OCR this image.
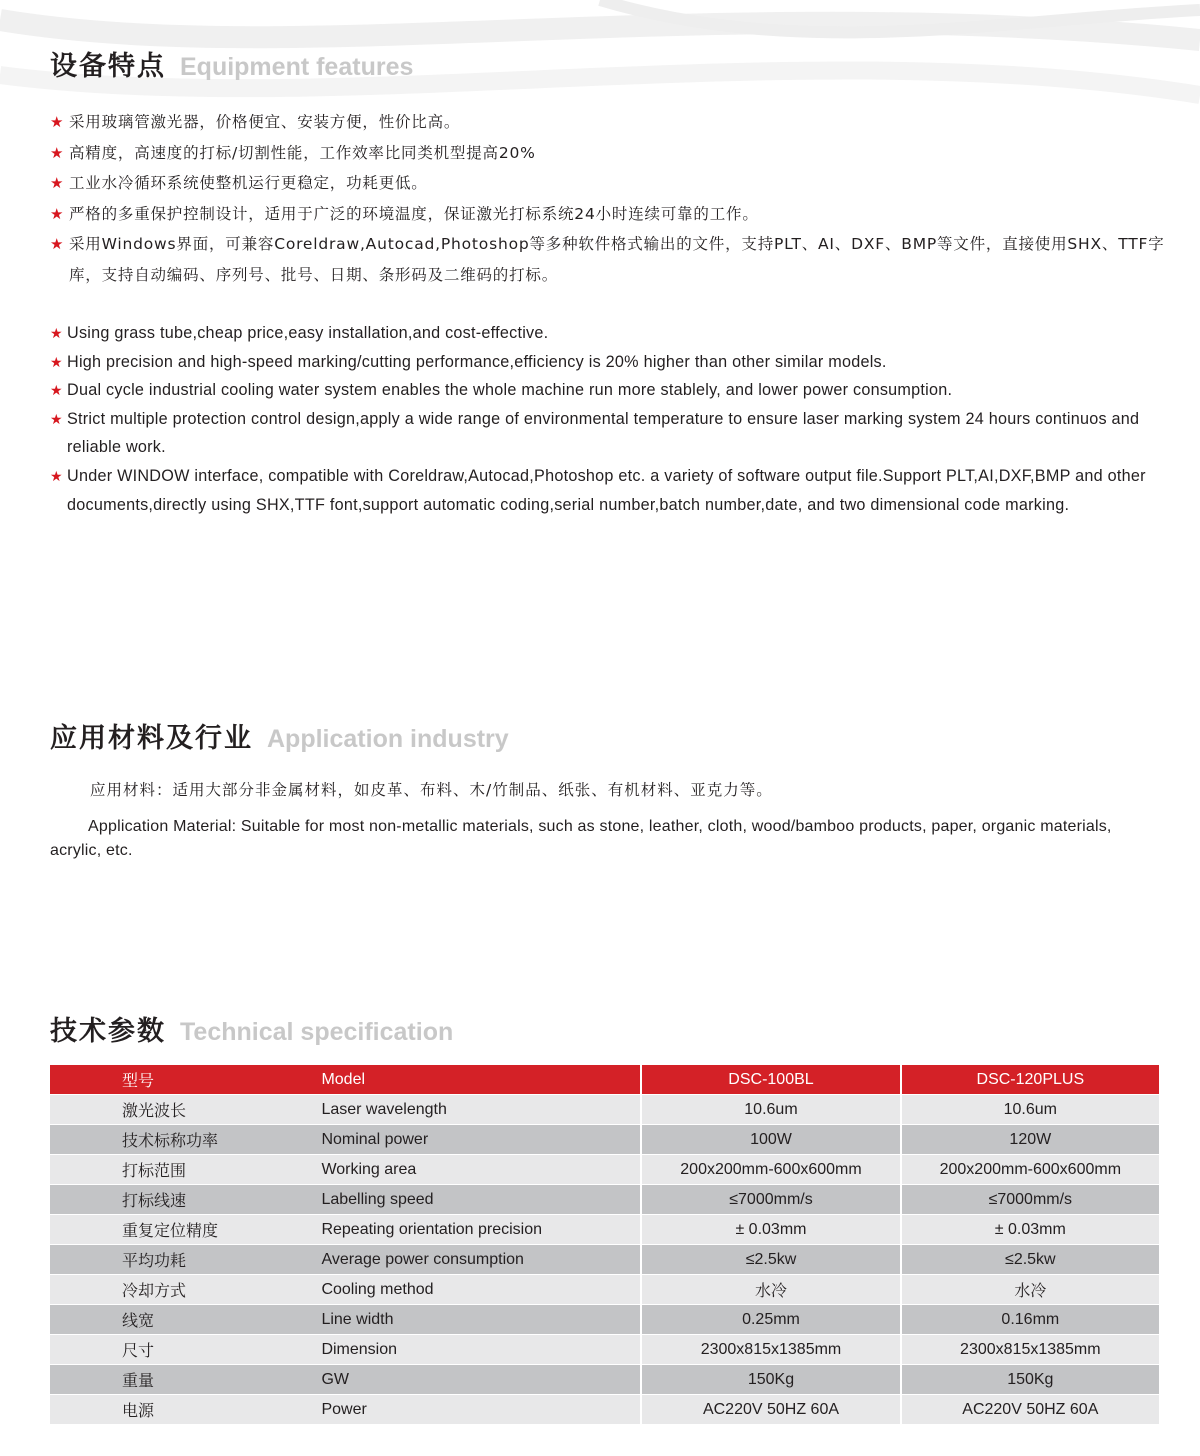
设备特点 Equipment features
★ 采用玻璃管激光器，价格便宜、安装方便，性价比高。
★ 高精度，高速度的打标/切割性能，工作效率比同类机型提高20%
★ 工业水冷循环系统使整机运行更稳定，功耗更低。
★ 严格的多重保护控制设计，适用于广泛的环境温度，保证激光打标系统24小时连续可靠的工作。
★ 采用Windows界面，可兼容Coreldraw,Autocad,Photoshop等多种软件格式输出的文件，支持PLT、AI、DXF、BMP等文件，直接使用SHX、TTF字库，支持自动编码、序列号、批号、日期、条形码及二维码的打标。
★ Using grass tube,cheap price,easy installation,and cost-effective.
★ High precision and high-speed marking/cutting performance,efficiency is 20% higher than other similar models.
★ Dual cycle industrial cooling water system enables the whole machine run more stablely, and lower power consumption.
★ Strict multiple protection control design,apply a wide range of environmental temperature to ensure laser marking system 24 hours continuos and reliable work.
★ Under WINDOW interface, compatible with Coreldraw,Autocad,Photoshop etc. a variety of software output file.Support PLT,AI,DXF,BMP and other documents,directly using SHX,TTF font,support automatic coding,serial number,batch number,date, and two dimensional code marking.
应用材料及行业 Application industry
应用材料：适用大部分非金属材料，如皮革、布料、木/竹制品、纸张、有机材料、亚克力等。
Application Material: Suitable for most non-metallic materials, such as stone, leather, cloth, wood/bamboo products, paper, organic materials, acrylic, etc.
技术参数 Technical specification
型号	Model	DSC-100BL	DSC-120PLUS
激光波长	Laser wavelength	10.6um	10.6um
技术标称功率	Nominal power	100W	120W
打标范围	Working area	200x200mm-600x600mm	200x200mm-600x600mm
打标线速	Labelling speed	≤7000mm/s	≤7000mm/s
重复定位精度	Repeating orientation precision	± 0.03mm	± 0.03mm
平均功耗	Average power consumption	≤2.5kw	≤2.5kw
冷却方式	Cooling method	水冷	水冷
线宽	Line width	0.25mm	0.16mm
尺寸	Dimension	2300x815x1385mm	2300x815x1385mm
重量	GW	150Kg	150Kg
电源	Power	AC220V 50HZ 60A	AC220V 50HZ 60A
